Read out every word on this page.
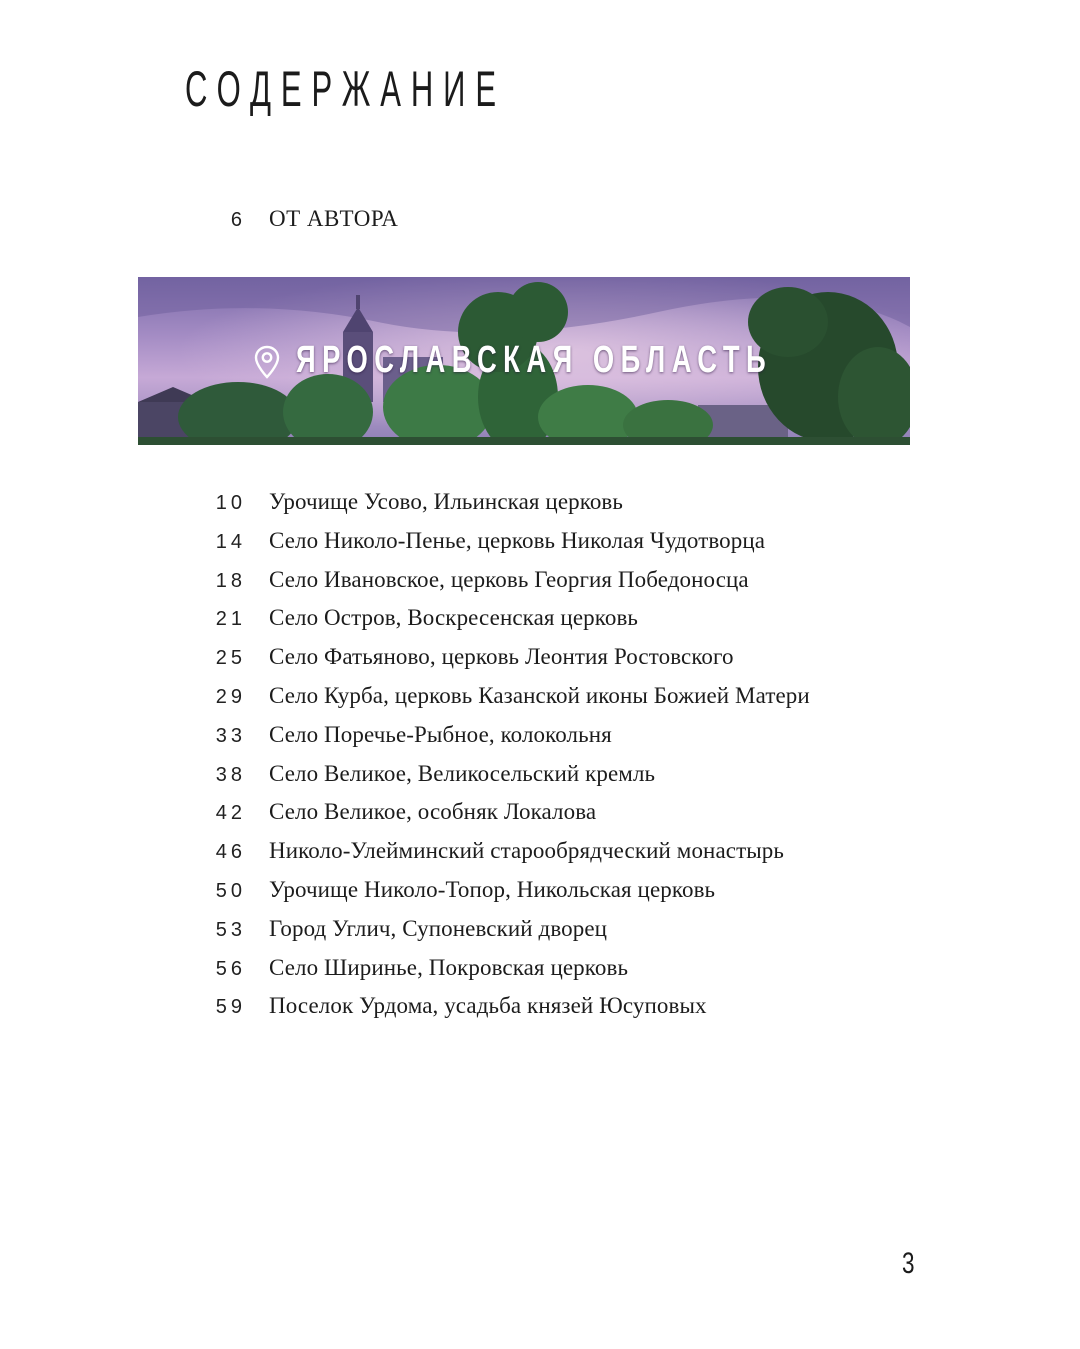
СОДЕРЖАНИЕ
6 ОТ АВТОРА
ЯРОСЛАВСКАЯ ОБЛАСТЬ
10 Урочище Усово, Ильинская церковь
14 Село Николо-Пенье, церковь Николая Чудотворца
18 Село Ивановское, церковь Георгия Победоносца
21 Село Остров, Воскресенская церковь
25 Село Фатьяново, церковь Леонтия Ростовского
29 Село Курба, церковь Казанской иконы Божией Матери
33 Село Поречье-Рыбное, колокольня
38 Село Великое, Великосельский кремль
42 Село Великое, особняк Локалова
46 Николо-Улейминский старообрядческий монастырь
50 Урочище Николо-Топор, Никольская церковь
53 Город Углич, Супоневский дворец
56 Село Ширинье, Покровская церковь
59 Поселок Урдома, усадьба князей Юсуповых
3
